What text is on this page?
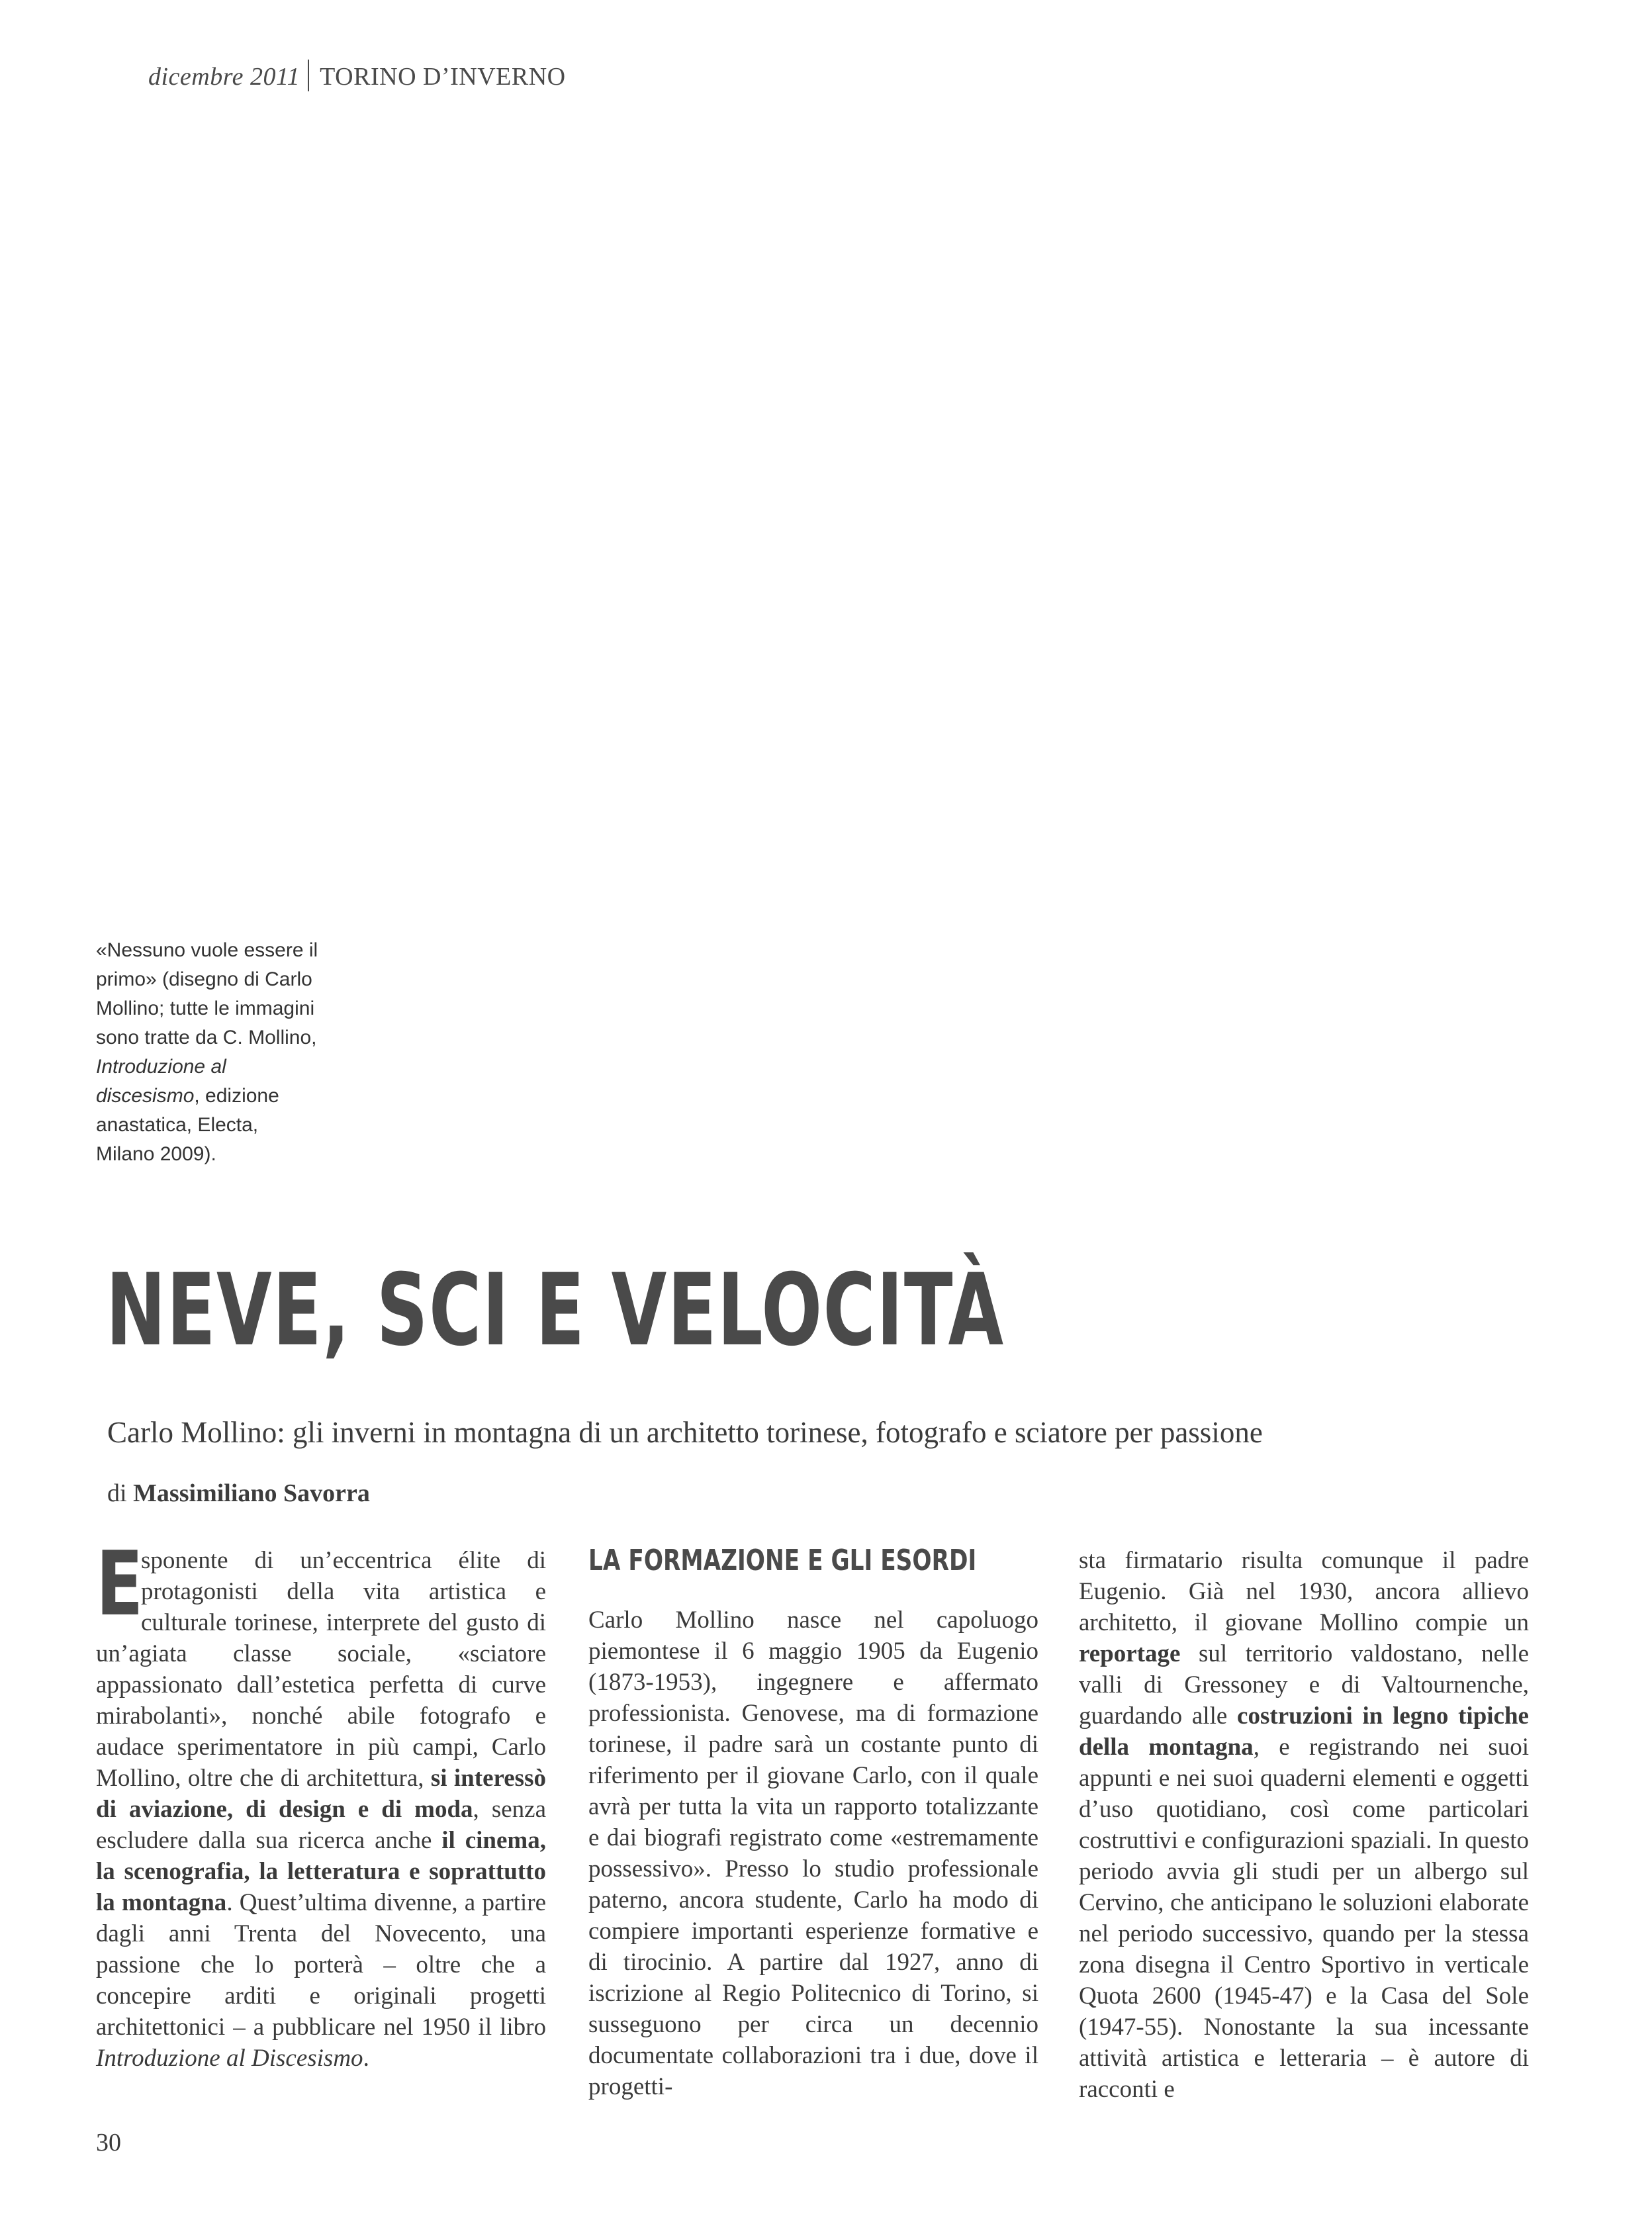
dicembre 2011 TORINO D’INVERNO
«Nessuno vuole essere il primo» (disegno di Carlo Mollino; tutte le immagini sono tratte da C. Mollino, Introduzione al discesismo, edizione anastatica, Electa, Milano 2009).
NEVE, SCI E VELOCITÀ
Carlo Mollino: gli inverni in montagna di un architetto torinese, fotografo e sciatore per passione
di Massimiliano Savorra

E
sponente di un’eccentrica élite di protagonisti della vita artistica e culturale torinese, interprete del gusto di un’agiata classe sociale, «sciatore appassionato dall’estetica perfetta di curve mirabolanti», nonché abile fotografo e audace sperimentatore in più campi, Carlo Mollino, oltre che di architettura, si interessò di aviazione, di design e di moda, senza escludere dalla sua ricerca anche il cinema, la scenografia, la letteratura e soprattutto la montagna. Quest’ultima divenne, a partire dagli anni Trenta del Novecento, una passione che lo porterà – oltre che a concepire arditi e originali progetti architettonici – a pubblicare nel 1950 il libro Introduzione al Discesismo.

LA FORMAZIONE E GLI ESORDI

Carlo Mollino nasce nel capoluogo piemontese il 6 maggio 1905 da Eugenio (1873-1953), ingegnere e affermato professionista. Genovese, ma di formazione torinese, il padre sarà un costante punto di riferimento per il giovane Carlo, con il quale avrà per tutta la vita un rapporto totalizzante e dai biografi registrato come «estremamente possessivo». Presso lo studio professionale paterno, ancora studente, Carlo ha modo di compiere importanti esperienze formative e di tirocinio. A partire dal 1927, anno di iscrizione al Regio Politecnico di Torino, si susseguono per circa un decennio documentate collaborazioni tra i due, dove il progetti-

sta firmatario risulta comunque il padre Eugenio. Già nel 1930, ancora allievo architetto, il giovane Mollino compie un reportage sul territorio valdostano, nelle valli di Gressoney e di Valtournenche, guardando alle costruzioni in legno tipiche della montagna, e registrando nei suoi appunti e nei suoi quaderni elementi e oggetti d’uso quotidiano, così come particolari costruttivi e configurazioni spaziali. In questo periodo avvia gli studi per un albergo sul Cervino, che anticipano le soluzioni elaborate nel periodo successivo, quando per la stessa zona disegna il Centro Sportivo in verticale Quota 2600 (1945-47) e la Casa del Sole (1947-55). Nonostante la sua incessante attività artistica e letteraria – è autore di racconti e

30
